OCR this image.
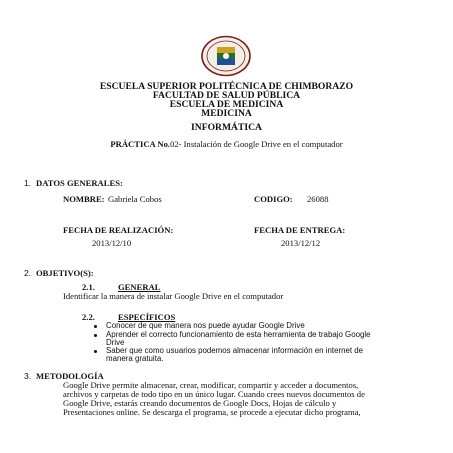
ESCUELA SUPERIOR POLITÉCNICA DE CHIMBORAZO
FACULTAD DE SALUD PÚBLICA
ESCUELA DE MEDICINA
MEDICINA
INFORMÁTICA
PRÁCTICA No.02- Instalación de Google Drive en el computador
1. DATOS GENERALES:
NOMBRE: Gabriela Cobos	CODIGO: 26088
FECHA DE REALIZACIÓN:	FECHA DE ENTREGA:
2013/12/10	2013/12/12
2. OBJETIVO(S):
2.1.	GENERAL
Identificar la manera de instalar Google Drive en el computador
2.2.	ESPECÍFICOS
Conocer de que manera nos puede ayudar Google Drive
Aprender el correcto funcionamiento de esta herramienta de trabajo Google
Drive
Saber que como usuarios podemos almacenar información en internet de
manera gratuita.
3. METODOLOGÍA
Google Drive permite almacenar, crear, modificar, compartir y acceder a documentos,
archivos y carpetas de todo tipo en un único lugar. Cuando crees nuevos documentos de
Google Drive, estarás creando documentos de Google Docs, Hojas de cálculo y
Presentaciones online. Se descarga el programa, se procede a ejecutar dicho programa,
